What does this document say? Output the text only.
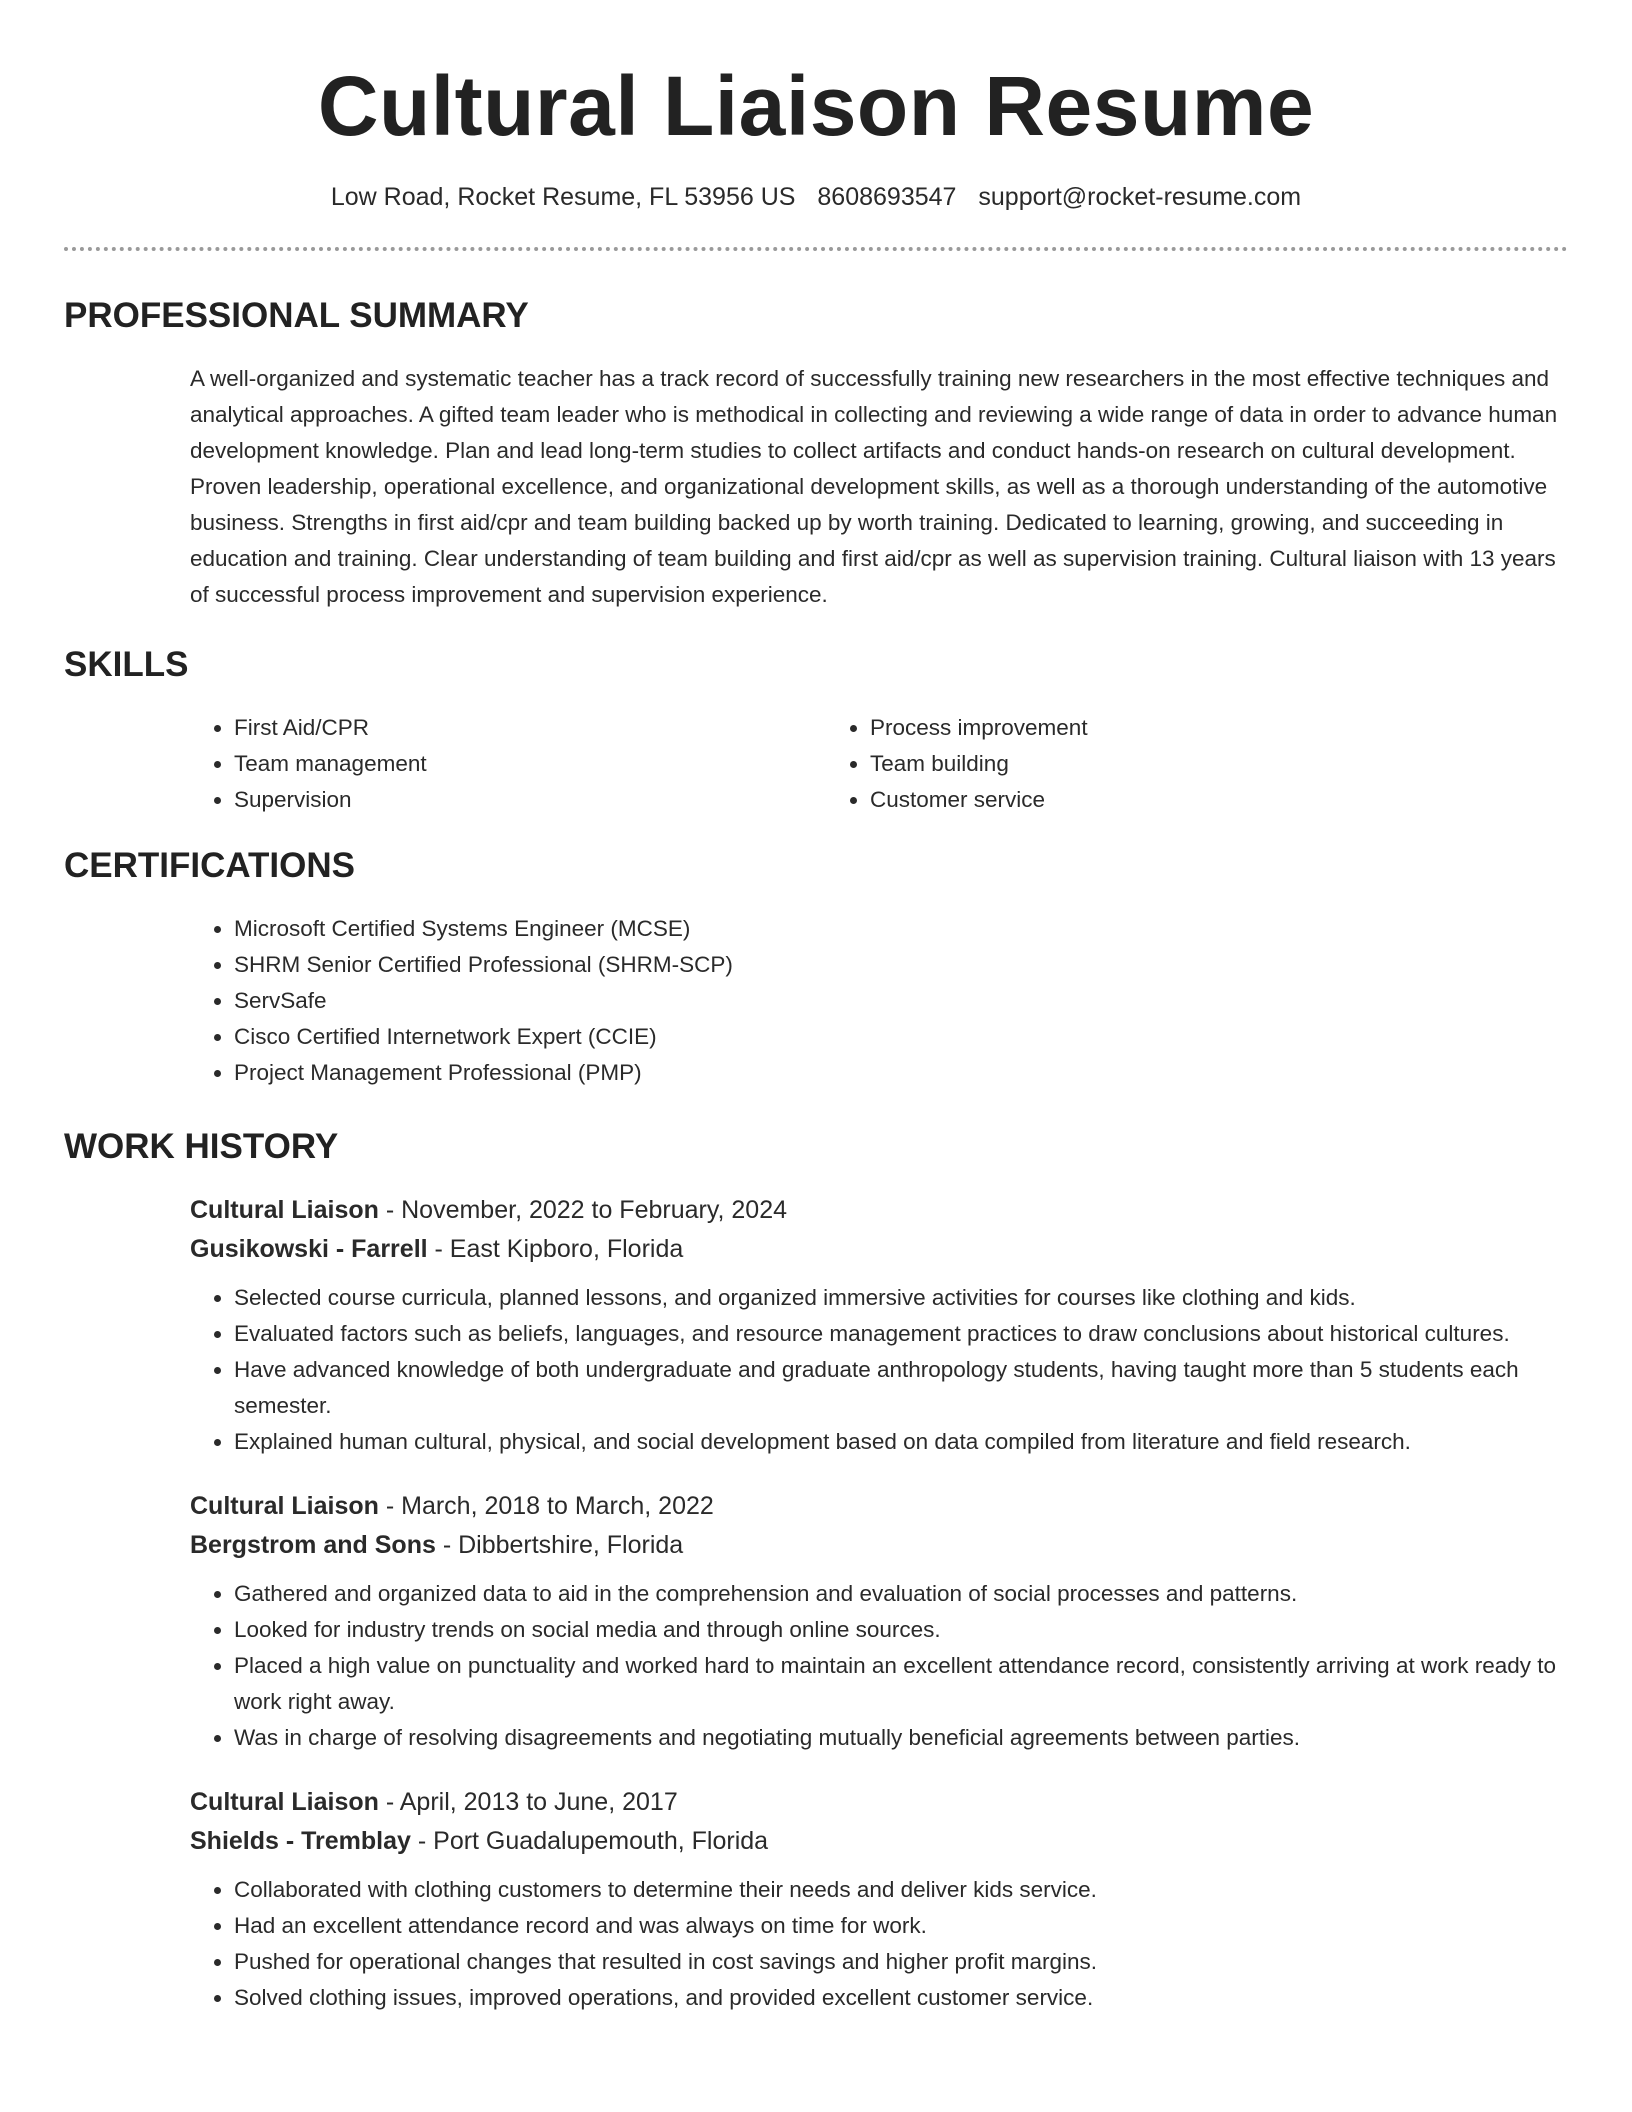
Cultural Liaison Resume
Low Road, Rocket Resume, FL 53956 US 8608693547 support@rocket-resume.com
PROFESSIONAL SUMMARY

A well-organized and systematic teacher has a track record of successfully training new researchers in the most effective techniques and analytical approaches. A gifted team leader who is methodical in collecting and reviewing a wide range of data in order to advance human development knowledge. Plan and lead long-term studies to collect artifacts and conduct hands-on research on cultural development. Proven leadership, operational excellence, and organizational development skills, as well as a thorough understanding of the automotive business. Strengths in first aid/cpr and team building backed up by worth training. Dedicated to learning, growing, and succeeding in education and training. Clear understanding of team building and first aid/cpr as well as supervision training. Cultural liaison with 13 years of successful process improvement and supervision experience.

SKILLS
• First Aid/CPR
• Team management
• Supervision
• Process improvement
• Team building
• Customer service
CERTIFICATIONS
• Microsoft Certified Systems Engineer (MCSE)
• SHRM Senior Certified Professional (SHRM-SCP)
• ServSafe
• Cisco Certified Internetwork Expert (CCIE)
• Project Management Professional (PMP)
WORK HISTORY
Cultural Liaison - November, 2022 to February, 2024
Gusikowski - Farrell - East Kipboro, Florida
• Selected course curricula, planned lessons, and organized immersive activities for courses like clothing and kids.
• Evaluated factors such as beliefs, languages, and resource management practices to draw conclusions about historical cultures.
• Have advanced knowledge of both undergraduate and graduate anthropology students, having taught more than 5 students each semester.
• Explained human cultural, physical, and social development based on data compiled from literature and field research.
Cultural Liaison - March, 2018 to March, 2022
Bergstrom and Sons - Dibbertshire, Florida
• Gathered and organized data to aid in the comprehension and evaluation of social processes and patterns.
• Looked for industry trends on social media and through online sources.
• Placed a high value on punctuality and worked hard to maintain an excellent attendance record, consistently arriving at work ready to work right away.
• Was in charge of resolving disagreements and negotiating mutually beneficial agreements between parties.
Cultural Liaison - April, 2013 to June, 2017
Shields - Tremblay - Port Guadalupemouth, Florida
• Collaborated with clothing customers to determine their needs and deliver kids service.
• Had an excellent attendance record and was always on time for work.
• Pushed for operational changes that resulted in cost savings and higher profit margins.
• Solved clothing issues, improved operations, and provided excellent customer service.
